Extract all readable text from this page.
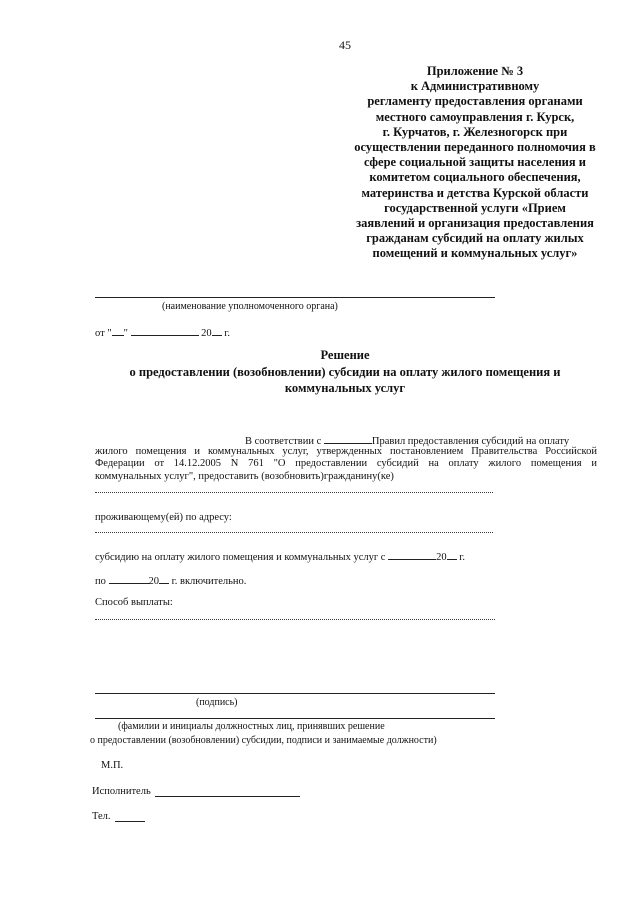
45
Приложение № 3
к Административному
регламенту предоставления органами
местного самоуправления г. Курск,
г. Курчатов, г. Железногорск при
осуществлении переданного полномочия в
сфере социальной защиты населения и
комитетом социального обеспечения,
материнства и детства Курской области
государственной услуги «Прием
заявлений и организация предоставления
гражданам субсидий на оплату жилых
помещений и коммунальных услуг»
(наименование уполномоченного органа)
от " "	20 г.
Решение
о предоставлении (возобновлении) субсидии на оплату жилого помещения и
коммунальных услуг
В соответствии с	Правил предоставления субсидий на оплату
жилого помещения и коммунальных услуг, утвержденных постановлением Правительства Российской
Федерации от 14.12.2005 N 761 "О предоставлении субсидий на оплату жилого помещения и
коммунальных услуг", предоставить (возобновить)гражданину(ке)
проживающему(ей) по адресу:
субсидию на оплату жилого помещения и коммунальных услуг с	20 г.
по	20 г. включительно.
Способ выплаты:
(подпись)
(фамилии и инициалы должностных лиц, принявших решение
о предоставлении (возобновлении) субсидии, подписи и занимаемые должности)
М.П.
Исполнитель
Тел.
